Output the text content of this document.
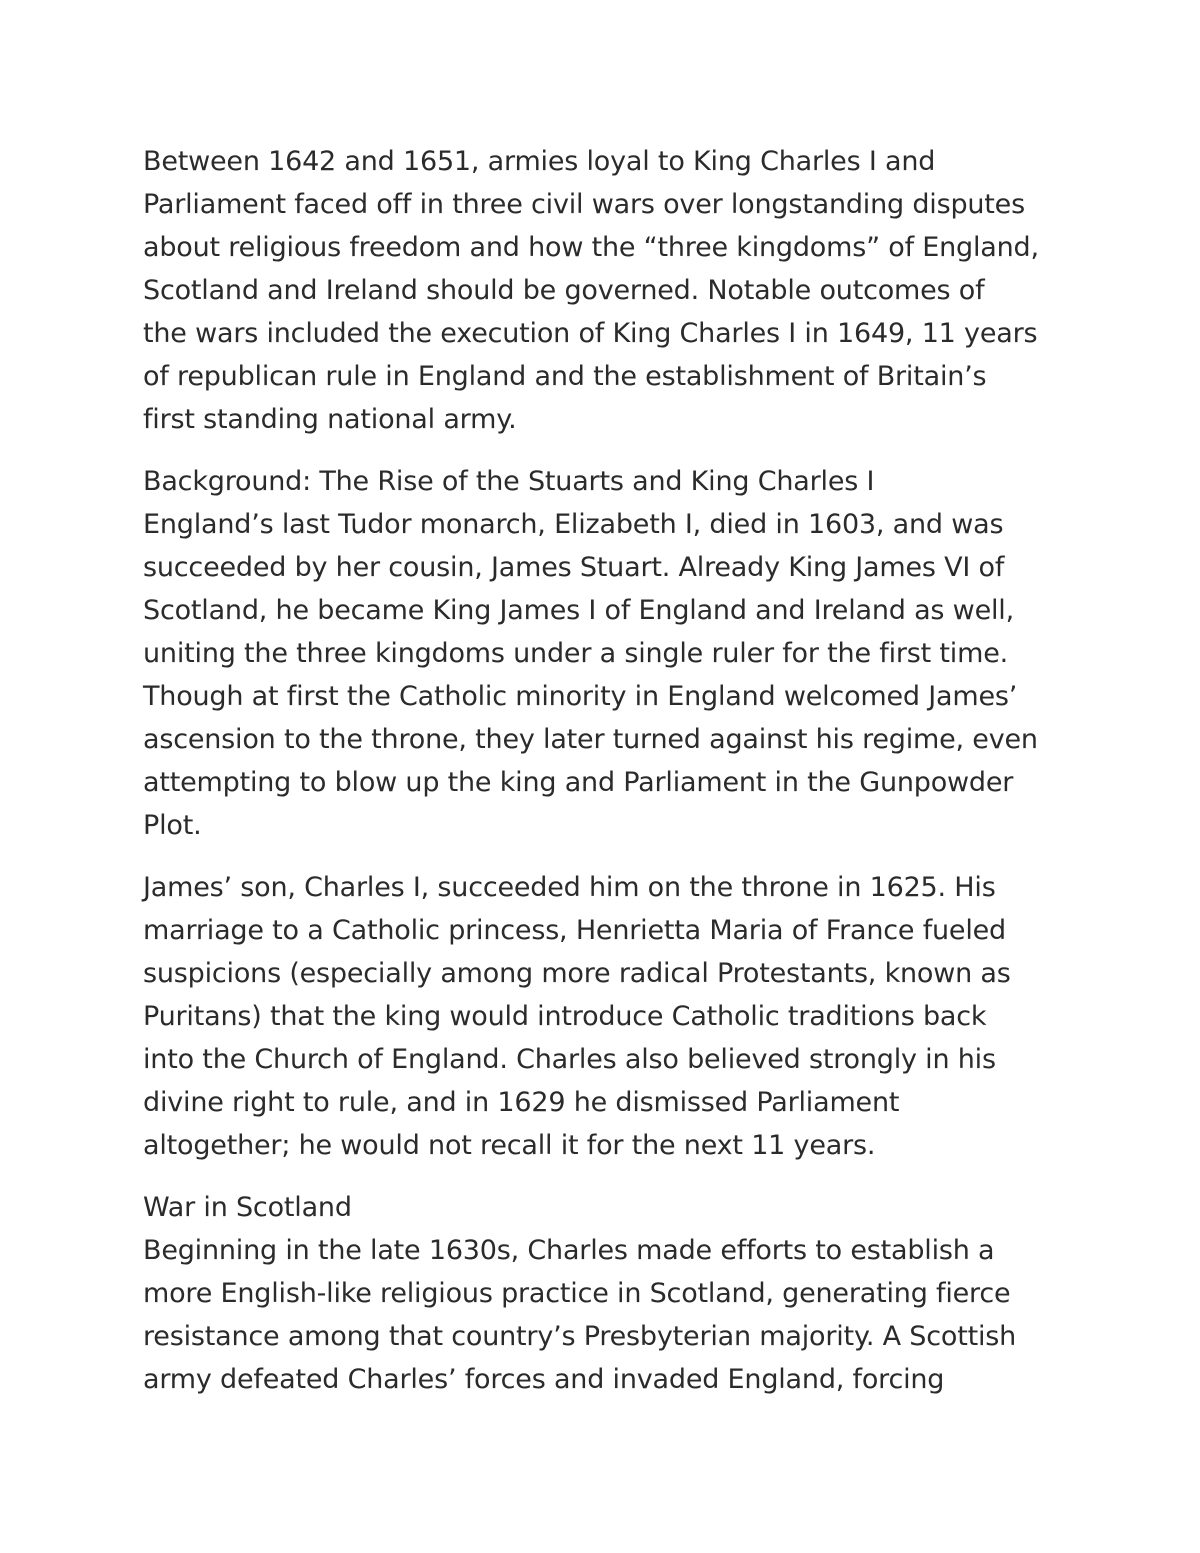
Between 1642 and 1651, armies loyal to King Charles I and
Parliament faced off in three civil wars over longstanding disputes
about religious freedom and how the “three kingdoms” of England,
Scotland and Ireland should be governed. Notable outcomes of
the wars included the execution of King Charles I in 1649, 11 years
of republican rule in England and the establishment of Britain’s
first standing national army.
Background: The Rise of the Stuarts and King Charles I
England’s last Tudor monarch, Elizabeth I, died in 1603, and was
succeeded by her cousin, James Stuart. Already King James VI of
Scotland, he became King James I of England and Ireland as well,
uniting the three kingdoms under a single ruler for the first time.
Though at first the Catholic minority in England welcomed James’
ascension to the throne, they later turned against his regime, even
attempting to blow up the king and Parliament in the Gunpowder
Plot.
James’ son, Charles I, succeeded him on the throne in 1625. His
marriage to a Catholic princess, Henrietta Maria of France fueled
suspicions (especially among more radical Protestants, known as
Puritans) that the king would introduce Catholic traditions back
into the Church of England. Charles also believed strongly in his
divine right to rule, and in 1629 he dismissed Parliament
altogether; he would not recall it for the next 11 years.
War in Scotland
Beginning in the late 1630s, Charles made efforts to establish a
more English-like religious practice in Scotland, generating fierce
resistance among that country’s Presbyterian majority. A Scottish
army defeated Charles’ forces and invaded England, forcing
